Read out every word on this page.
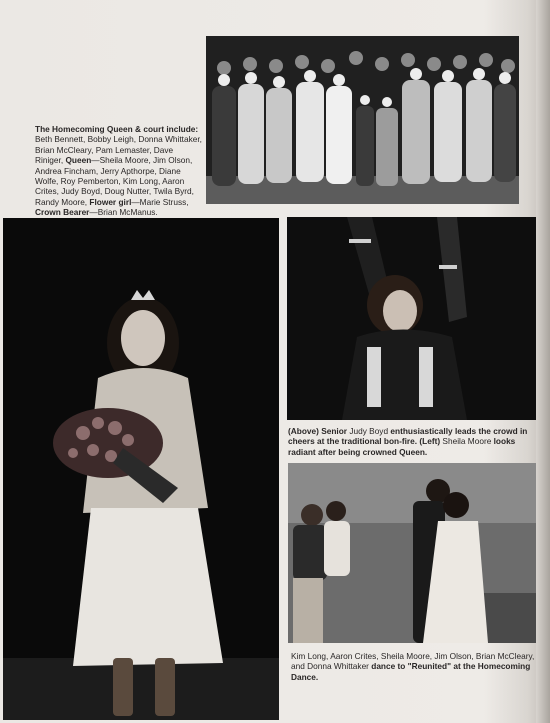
The Homecoming Queen & court include: Beth Bennett, Bobby Leigh, Donna Whittaker, Brian McCleary, Pam Lemaster, Dave Riniger, Queen—Sheila Moore, Jim Olson, Andrea Fincham, Jerry Apthorpe, Diane Wolfe, Roy Pemberton, Kim Long, Aaron Crites, Judy Boyd, Doug Nutter, Twila Byrd, Randy Moore, Flower girl—Marie Struss, Crown Bearer—Brian McManus.
(Above) Senior Judy Boyd enthusiastically leads the crowd in cheers at the traditional bon-fire. (Left) Sheila Moore looks radiant after being crowned Queen.
Kim Long, Aaron Crites, Sheila Moore, Jim Olson, Brian McCleary, and Donna Whittaker dance to "Reunited" at the Homecoming Dance.
